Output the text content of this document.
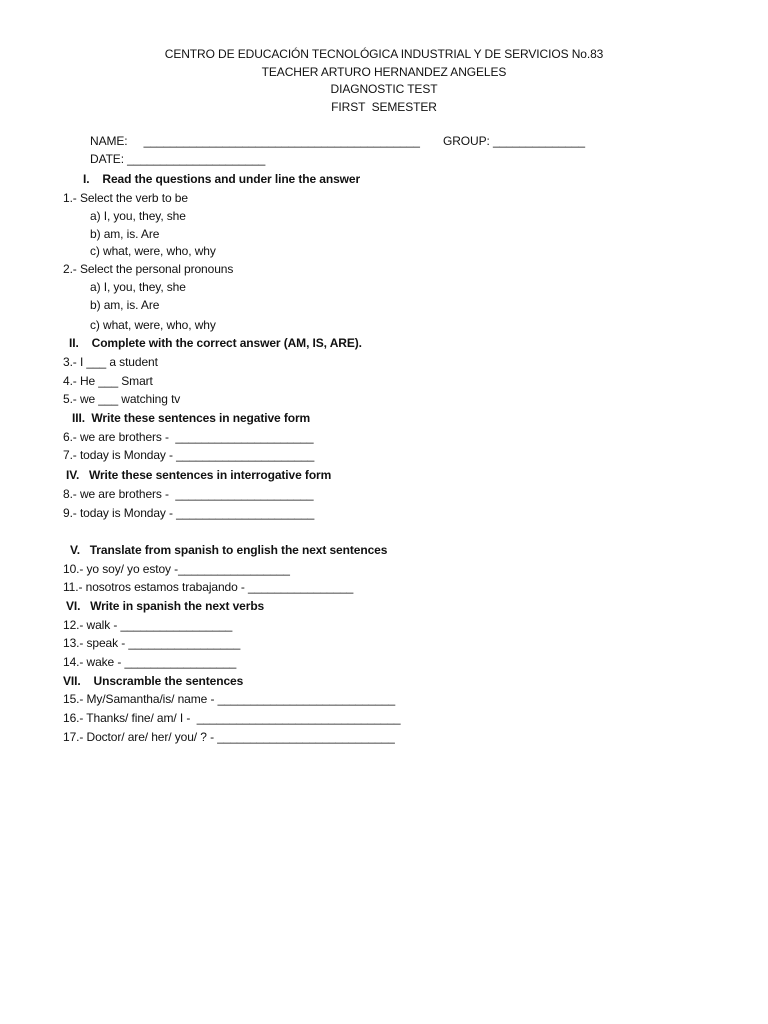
CENTRO DE EDUCACIÓN TECNOLÓGICA INDUSTRIAL Y DE SERVICIOS No.83
TEACHER ARTURO HERNANDEZ ANGELES
DIAGNOSTIC TEST
FIRST  SEMESTER
NAME:     __________________________________________ GROUP: ______________
DATE: _____________________
I.    Read the questions and under line the answer
1.- Select the verb to be
a) I, you, they, she
b) am, is. Are
c) what, were, who, why
2.- Select the personal pronouns
a) I, you, they, she
b) am, is. Are
c) what, were, who, why
II.    Complete with the correct answer (AM, IS, ARE).
3.- I ___ a student
4.- He ___ Smart
5.- we ___ watching tv
III.  Write these sentences in negative form
6.- we are brothers -  _____________________
7.- today is Monday - _____________________
IV.   Write these sentences in interrogative form
8.- we are brothers -  _____________________
9.- today is Monday - _____________________
V.   Translate from spanish to english the next sentences
10.- yo soy/ yo estoy -_________________
11.- nosotros estamos trabajando - ________________
VI.   Write in spanish the next verbs
12.- walk - _________________
13.- speak - _________________
14.- wake - _________________
VII.    Unscramble the sentences
15.- My/Samantha/is/ name - ___________________________
16.- Thanks/ fine/ am/ I -  _______________________________
17.- Doctor/ are/ her/ you/ ? - ___________________________
